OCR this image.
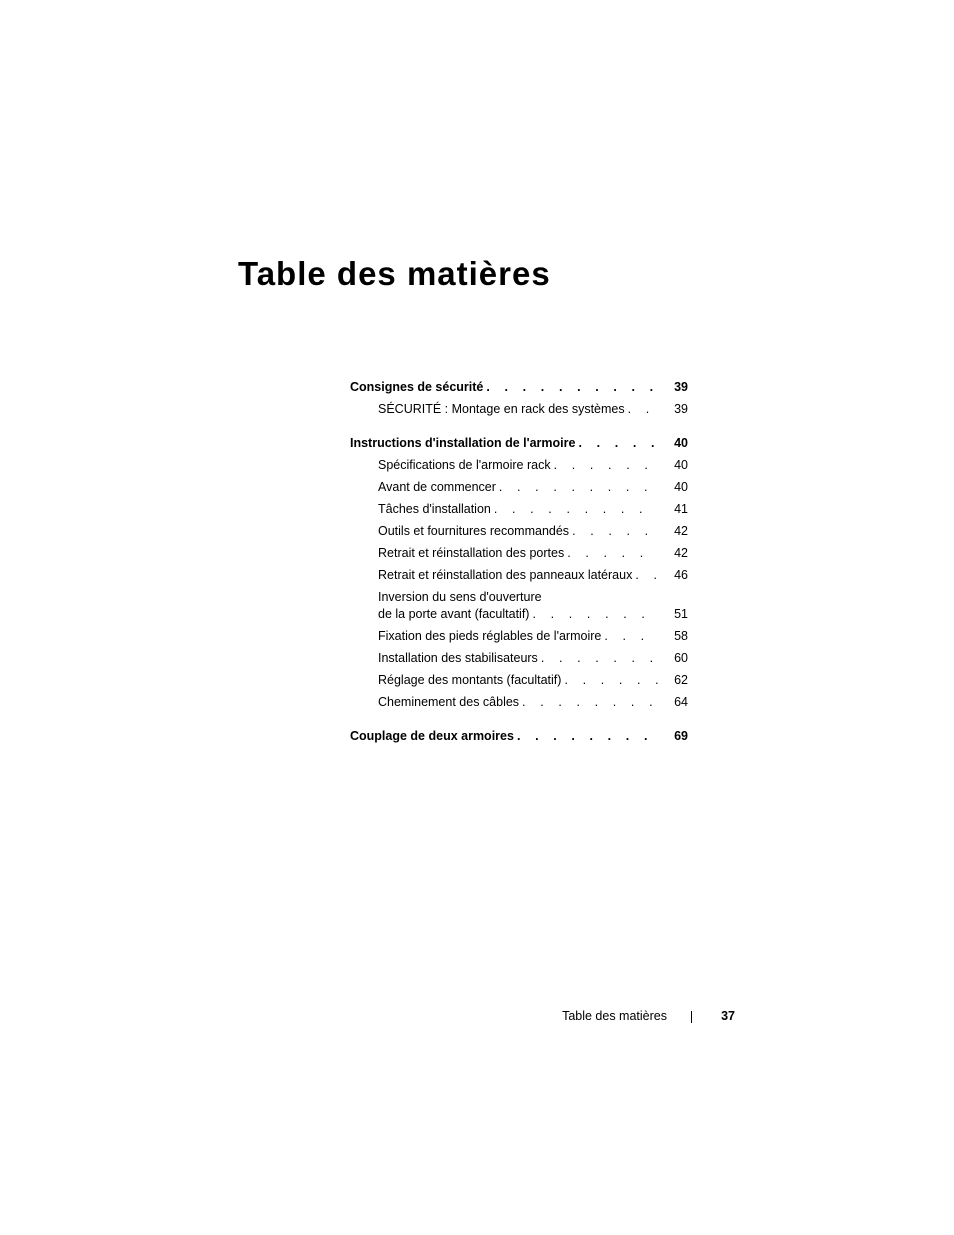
Table des matières
Consignes de sécurité . . .	39
SÉCURITÉ : Montage en rack des systèmes . . .	39
Instructions d'installation de l'armoire . . .	40
Spécifications de l'armoire rack . . .	40
Avant de commencer . . .	40
Tâches d'installation . . .	41
Outils et fournitures recommandés . . .	42
Retrait et réinstallation des portes . . .	42
Retrait et réinstallation des panneaux latéraux . . .	46
Inversion du sens d'ouverture
de la porte avant (facultatif) . . .	51
Fixation des pieds réglables de l'armoire . . .	58
Installation des stabilisateurs . . .	60
Réglage des montants (facultatif) . . .	62
Cheminement des câbles . . .	64
Couplage de deux armoires . . .	69
Table des matières	37
